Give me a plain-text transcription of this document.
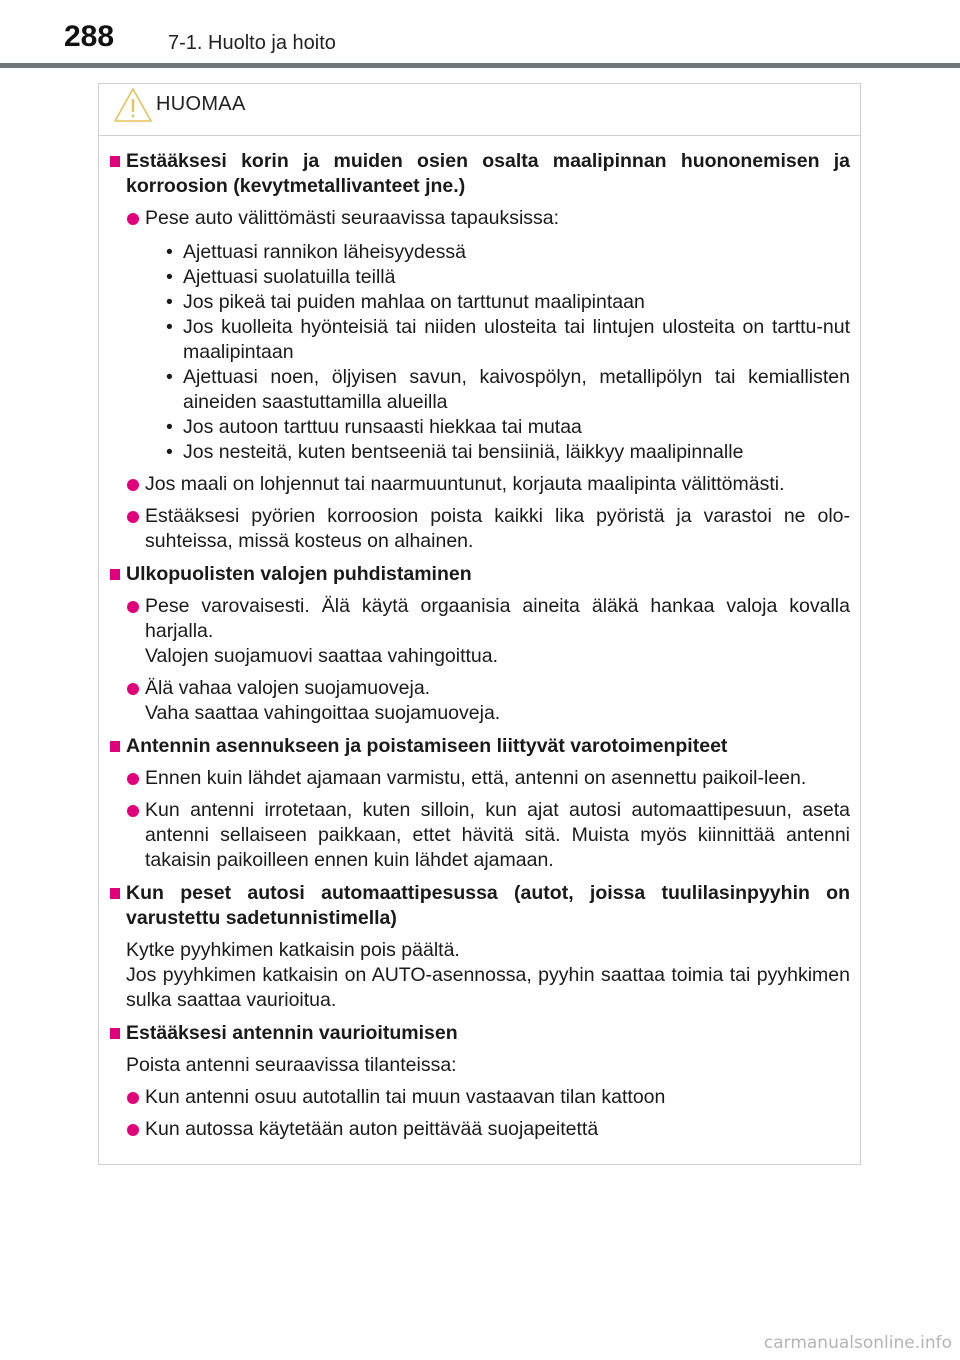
288	7-1. Huolto ja hoito
HUOMAA
Estääksesi korin ja muiden osien osalta maalipinnan huononemisen ja korroosion (kevytmetallivanteet jne.)
Pese auto välittömästi seuraavissa tapauksissa:
• Ajettuasi rannikon läheisyydessä
• Ajettuasi suolatuilla teillä
• Jos pikeä tai puiden mahlaa on tarttunut maalipintaan
• Jos kuolleita hyönteisiä tai niiden ulosteita tai lintujen ulosteita on tarttu-nut maalipintaan
• Ajettuasi noen, öljyisen savun, kaivospölyn, metallipölyn tai kemiallisten aineiden saastuttamilla alueilla
• Jos autoon tarttuu runsaasti hiekkaa tai mutaa
• Jos nesteitä, kuten bentseeniä tai bensiiniä, läikkyy maalipinnalle
Jos maali on lohjennut tai naarmuuntunut, korjauta maalipinta välittömästi.
Estääksesi pyörien korroosion poista kaikki lika pyöristä ja varastoi ne olo-suhteissa, missä kosteus on alhainen.
Ulkopuolisten valojen puhdistaminen
Pese varovaisesti. Älä käytä orgaanisia aineita äläkä hankaa valoja kovalla harjalla.
Valojen suojamuovi saattaa vahingoittua.
Älä vahaa valojen suojamuoveja.
Vaha saattaa vahingoittaa suojamuoveja.
Antennin asennukseen ja poistamiseen liittyvät varotoimenpiteet
Ennen kuin lähdet ajamaan varmistu, että, antenni on asennettu paikoil-leen.
Kun antenni irrotetaan, kuten silloin, kun ajat autosi automaattipesuun, aseta antenni sellaiseen paikkaan, ettet hävitä sitä. Muista myös kiinnittää antenni takaisin paikoilleen ennen kuin lähdet ajamaan.
Kun peset autosi automaattipesussa (autot, joissa tuulilasinpyyhin on varustettu sadetunnistimella)
Kytke pyyhkimen katkaisin pois päältä.
Jos pyyhkimen katkaisin on AUTO-asennossa, pyyhin saattaa toimia tai pyyhkimen sulka saattaa vaurioitua.
Estääksesi antennin vaurioitumisen
Poista antenni seuraavissa tilanteissa:
Kun antenni osuu autotallin tai muun vastaavan tilan kattoon
Kun autossa käytetään auton peittävää suojapeitettä
carmanualsonline.info
